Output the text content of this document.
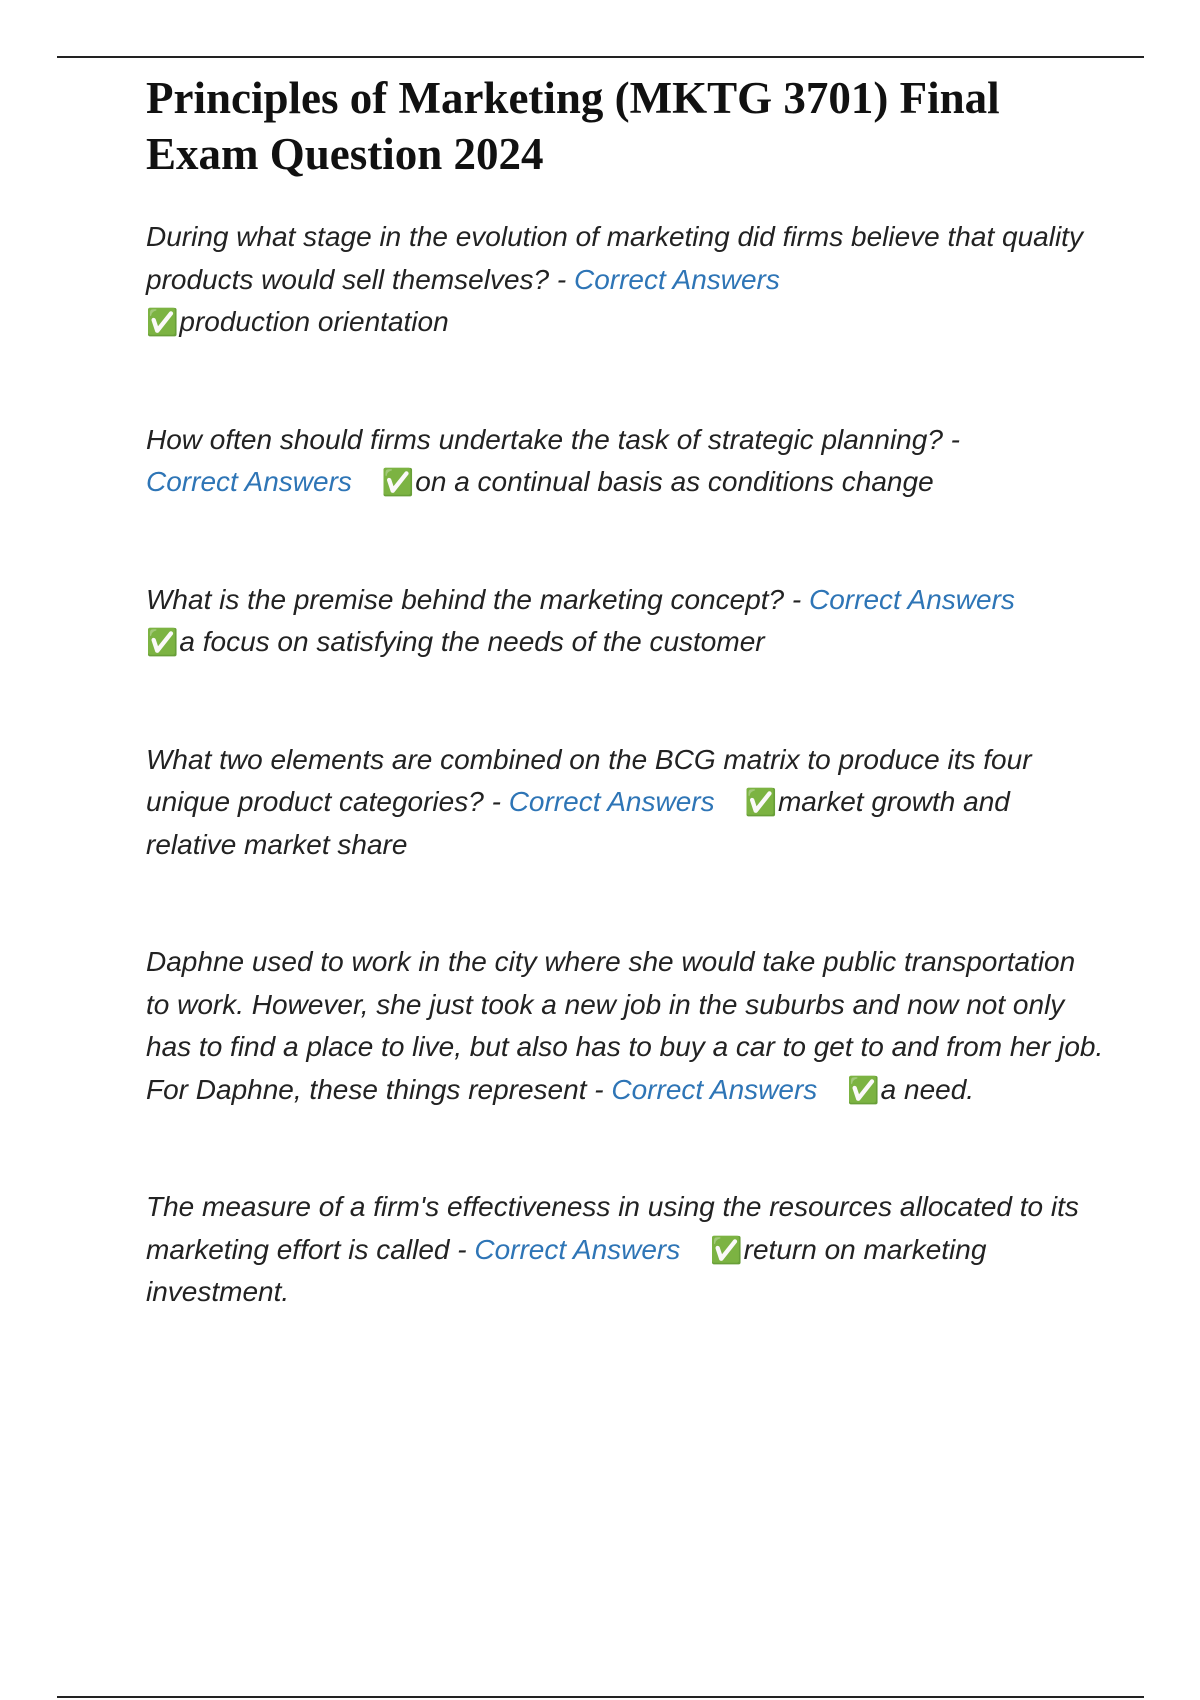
Principles of Marketing (MKTG 3701) Final Exam Question 2024

During what stage in the evolution of marketing did firms believe that quality products would sell themselves? - Correct Answers
✅production orientation

How often should firms undertake the task of strategic planning? -
Correct Answers ✅on a continual basis as conditions change

What is the premise behind the marketing concept? - Correct Answers
✅a focus on satisfying the needs of the customer

What two elements are combined on the BCG matrix to produce its four unique product categories? - Correct Answers ✅market growth and relative market share

Daphne used to work in the city where she would take public transportation to work. However, she just took a new job in the suburbs and now not only has to find a place to live, but also has to buy a car to get to and from her job. For Daphne, these things represent - Correct Answers ✅a need.

The measure of a firm's effectiveness in using the resources allocated to its marketing effort is called - Correct Answers ✅return on marketing investment.
